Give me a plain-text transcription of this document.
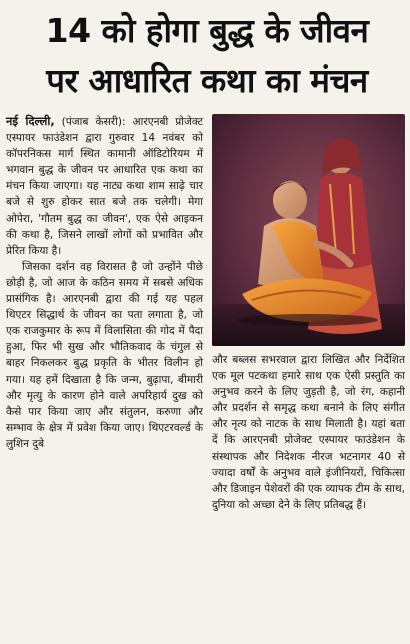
14 को होगा बुद्ध के जीवन
पर आधारित कथा का मंचन

नई दिल्ली, (पंजाब केसरी): आरएनबी प्रोजेक्ट एस्पायर फाउंडेशन द्वारा गुरुवार 14 नवंबर को कॉपरनिकस मार्ग स्थित कामानी ऑडिटोरियम में भगवान बुद्ध के जीवन पर आधारित एक कथा का मंचन किया जाएगा। यह नाट्य कथा शाम साढ़े चार बजे से शुरु होकर सात बजे तक चलेगी। मेगा ओपेरा, 'गौतम बुद्ध का जीवन', एक ऐसे आइकन की कथा है, जिसने लाखों लोगों को प्रभावित और प्रेरित किया है।

जिसका दर्शन वह विरासत है जो उन्होंने पीछे छोड़ी है, जो आज के कठिन समय में सबसे अधिक प्रासंगिक है। आरएनबी द्वारा की गई यह पहल थिएटर सिद्धार्थ के जीवन का पता लगाता है, जो एक राजकुमार के रूप में विलासिता की गोद में पैदा हुआ, फिर भी सुख और भौतिकवाद के चंगुल से बाहर निकलकर बुद्ध प्रकृति के भीतर विलीन हो गया। यह हमें दिखाता है कि जन्म, बुढ़ापा, बीमारी और मृत्यु के कारण होने वाले अपरिहार्य दुख को कैसे पार किया जाए और संतुलन, करुणा और सम्भाव के क्षेत्र में प्रवेश किया जाए। थिएटरवर्ल्ड के लुशिन दुबे

और बब्लस सभरवाल द्वारा लिखित और निर्देशित एक मूल पटकथा हमारे साथ एक ऐसी प्रस्तुति का अनुभव करने के लिए जुड़ती है, जो रंग, कहानी और प्रदर्शन से समृद्ध कथा बनाने के लिए संगीत और नृत्य को नाटक के साथ मिलाती है। यहां बता दें कि आरएनबी प्रोजेक्ट एस्पायर फाउंडेशन के संस्थापक और निदेशक नीरज भटनागर 40 से ज्यादा वर्षों के अनुभव वाले इंजीनियरों, चिकित्सा और डिजाइन पेशेवरों की एक व्यापक टीम के साथ, दुनिया को अच्छा देने के लिए प्रतिबद्ध हैं।
